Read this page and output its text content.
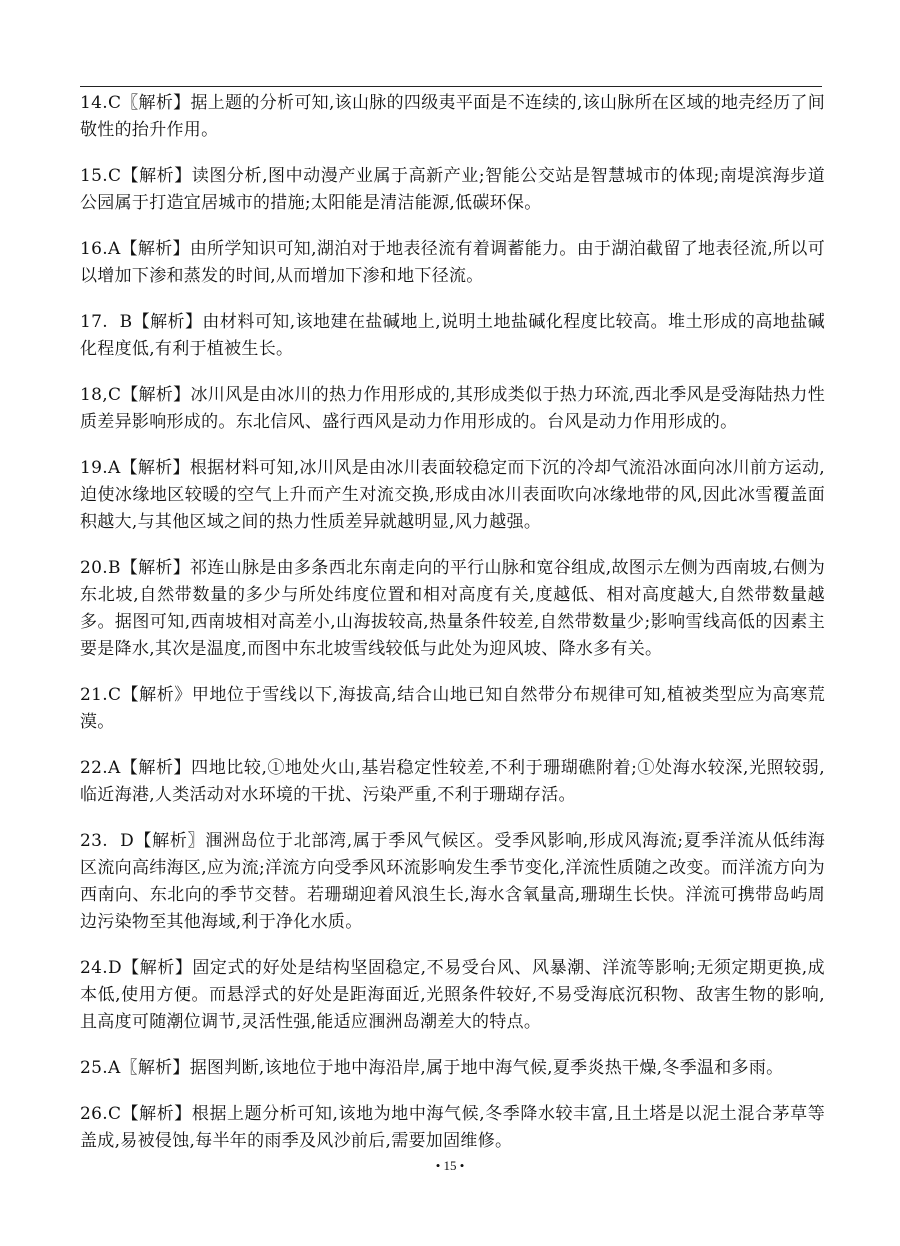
14.C〖解析】据上题的分析可知,该山脉的四级夷平面是不连续的,该山脉所在区域的地壳经历了间敬性的抬升作用。

15.C【解析】读图分析,图中动漫产业属于高新产业;智能公交站是智慧城市的体现;南堤滨海步道公园属于打造宜居城市的措施;太阳能是清洁能源,低碳环保。

16.A【解析】由所学知识可知,湖泊对于地表径流有着调蓄能力。由于湖泊截留了地表径流,所以可以增加下渗和蒸发的时间,从而增加下渗和地下径流。

17.  B【解析】由材料可知,该地建在盐碱地上,说明土地盐碱化程度比较高。堆土形成的高地盐碱化程度低,有利于植被生长。

18,C【解析】冰川风是由冰川的热力作用形成的,其形成类似于热力环流,西北季风是受海陆热力性质差异影响形成的。东北信风、盛行西风是动力作用形成的。台风是动力作用形成的。

19.A【解析】根据材料可知,冰川风是由冰川表面较稳定而下沉的冷却气流沿冰面向冰川前方运动,迫使冰缘地区较暖的空气上升而产生对流交换,形成由冰川表面吹向冰缘地带的风,因此冰雪覆盖面积越大,与其他区域之间的热力性质差异就越明显,风力越强。

20.B【解析】祁连山脉是由多条西北东南走向的平行山脉和宽谷组成,故图示左侧为西南坡,右侧为东北坡,自然带数量的多少与所处纬度位置和相对高度有关,度越低、相对高度越大,自然带数量越多。据图可知,西南坡相对高差小,山海拔较高,热量条件较差,自然带数量少;影响雪线高低的因素主要是降水,其次是温度,而图中东北坡雪线较低与此处为迎风坡、降水多有关。

21.C【解析》甲地位于雪线以下,海拔高,结合山地已知自然带分布规律可知,植被类型应为高寒荒漠。

22.A【解析】四地比较,①地处火山,基岩稳定性较差,不利于珊瑚礁附着;①处海水较深,光照较弱,临近海港,人类活动对水环境的干扰、污染严重,不利于珊瑚存活。

23.  D【解析〗涠洲岛位于北部湾,属于季风气候区。受季风影响,形成风海流;夏季洋流从低纬海区流向高纬海区,应为流;洋流方向受季风环流影响发生季节变化,洋流性质随之改变。而洋流方向为西南向、东北向的季节交替。若珊瑚迎着风浪生长,海水含氧量高,珊瑚生长快。洋流可携带岛屿周边污染物至其他海域,利于净化水质。

24.D【解析】固定式的好处是结构坚固稳定,不易受台风、风暴潮、洋流等影响;无须定期更换,成本低,使用方便。而悬浮式的好处是距海面近,光照条件较好,不易受海底沉积物、敌害生物的影响,且高度可随潮位调节,灵活性强,能适应涠洲岛潮差大的特点。

25.A〖解析】据图判断,该地位于地中海沿岸,属于地中海气候,夏季炎热干燥,冬季温和多雨。

26.C【解析】根据上题分析可知,该地为地中海气候,冬季降水较丰富,且土塔是以泥土混合茅草等盖成,易被侵蚀,每半年的雨季及风沙前后,需要加固维修。

• 15 •
